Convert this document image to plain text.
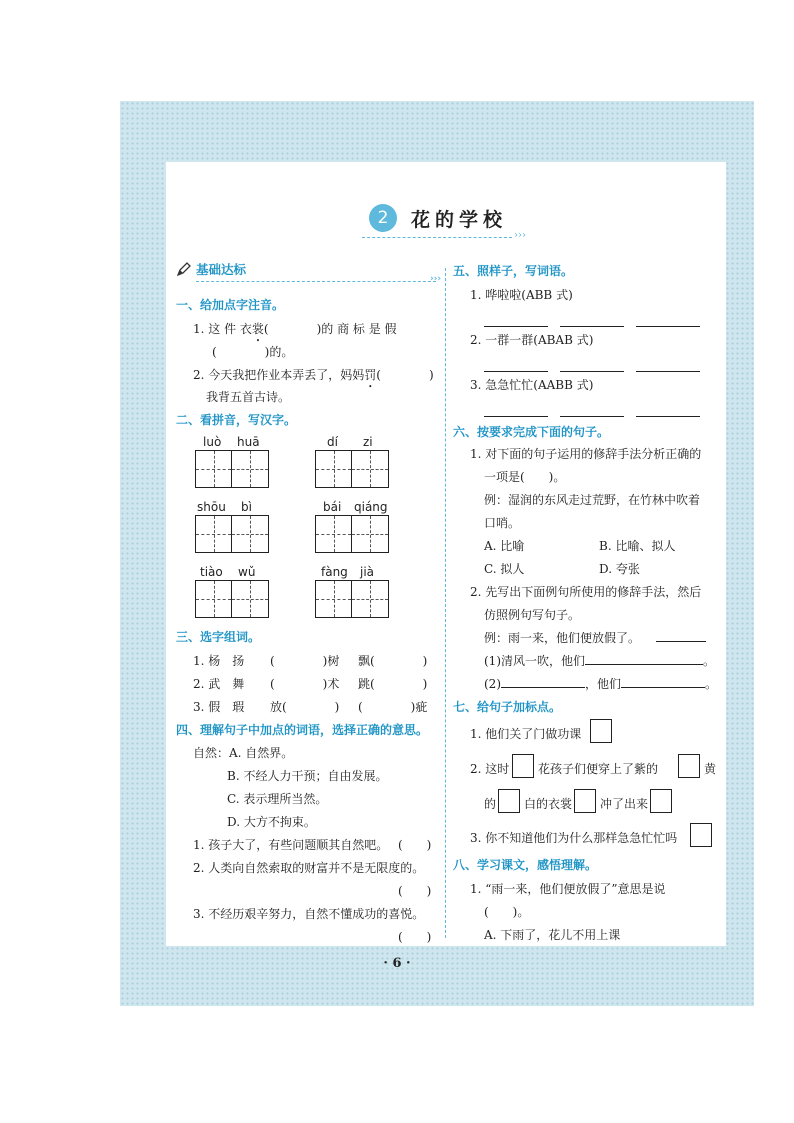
2	花的学校
›››
基础达标
›››
一、给加点字注音。
1. 这 件 衣裳(　　　　)的 商 标 是 假
(　　　　)的。
2. 今天我把作业本弄丢了，妈妈罚(　　　　)
我背五首古诗。
二、看拼音，写汉字。
luò huā	dí zi
shōu bì	bái qiáng
tiào wǔ	fàng jià
三、选字组词。
1. 杨　扬 (　　　　)树 飘(　　　　)
2. 武　舞 (　　　　)术 跳(　　　　)
3. 假　瑕 放(　　　　) (　　　　)疵
四、理解句子中加点的词语，选择正确的意思。
自然：A. 自然界。
B. 不经人力干预；自由发展。
C. 表示理所当然。
D. 大方不拘束。
1. 孩子大了，有些问题顺其自然吧。 (　　)
2. 人类向自然索取的财富并不是无限度的。
(　　)
3. 不经历艰辛努力，自然不懂成功的喜悦。
(　　)
五、照样子，写词语。
1. 哗啦啦(ABB 式)

2. 一群一群(ABAB 式)

3. 急急忙忙(AABB 式)

六、按要求完成下面的句子。
1. 对下面的句子运用的修辞手法分析正确的
一项是(　　)。
例：湿润的东风走过荒野，在竹林中吹着
口哨。
A. 比喻	B. 比喻、拟人
C. 拟人	D. 夸张
2. 先写出下面例句所使用的修辞手法，然后
仿照例句写句子。
例：雨一来，他们便放假了。
(1)清风一吹，他们	。
(2)	，他们	。
七、给句子加标点。
1. 他们关了门做功课
2. 这时 花孩子们便穿上了紫的	黄
的 白的衣裳 冲了出来
3. 你不知道他们为什么那样急急忙忙吗
八、学习课文，感悟理解。
1. “雨一来，他们便放假了”意思是说
(　　)。
A. 下雨了，花儿不用上课
· 6 ·
